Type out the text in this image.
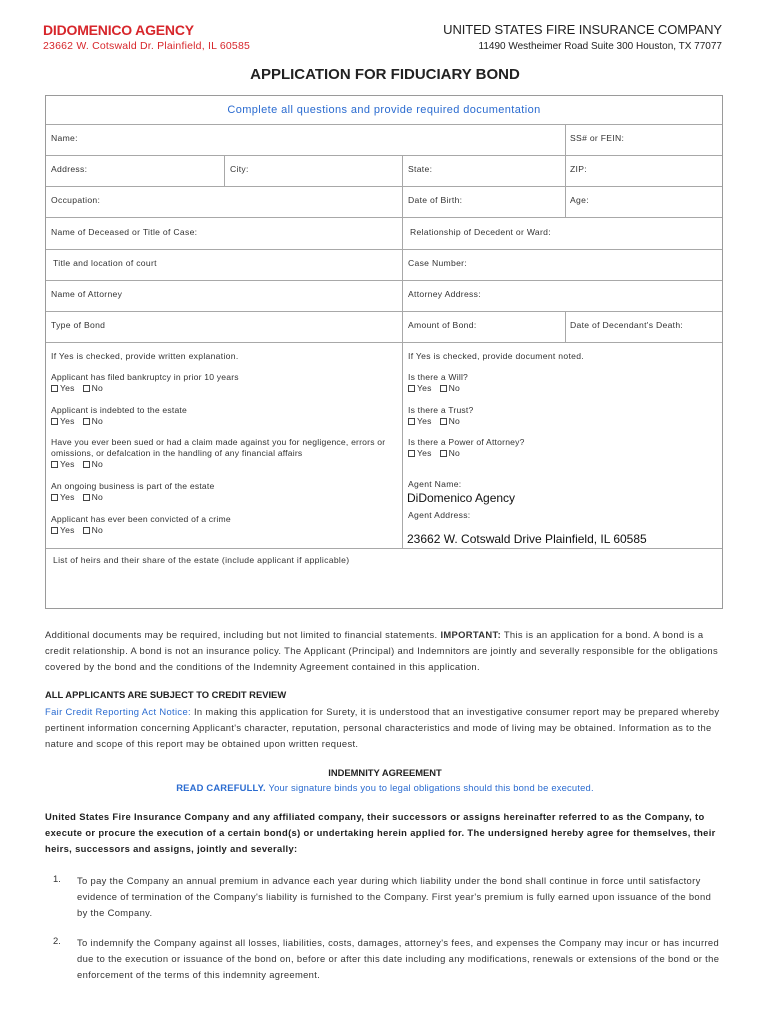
DIDOMENICO AGENCY
23662 W. Cotswald Dr. Plainfield, IL 60585
UNITED STATES FIRE INSURANCE COMPANY
11490 Westheimer Road Suite 300 Houston, TX 77077
APPLICATION FOR FIDUCIARY BOND
Complete all questions and provide required documentation
Name:	SS# or FEIN:
Address:	City:	State:	ZIP:
Occupation:	Date of Birth:	Age:
Name of Deceased or Title of Case:	Relationship of Decedent or Ward:
Title and location of court	Case Number:
Name of Attorney	Attorney Address:
Type of Bond	Amount of Bond:	Date of Decendant's Death:
If Yes is checked, provide written explanation.	If Yes is checked, provide document noted.
Applicant has filed bankruptcy in prior 10 years
Yes No
Applicant is indebted to the estate
Yes No
Have you ever been sued or had a claim made against you for negligence, errors or omissions, or defalcation in the handling of any financial affairs
Yes No
An ongoing business is part of the estate
Yes No
Applicant has ever been convicted of a crime
Yes No
Is there a Will?
Yes No
Is there a Trust?
Yes No
Is there a Power of Attorney?
Yes No
Agent Name:
DiDomenico Agency
Agent Address:
23662 W. Cotswald Drive Plainfield, IL 60585
List of heirs and their share of the estate (include applicant if applicable)
Additional documents may be required, including but not limited to financial statements. IMPORTANT: This is an application for a bond. A bond is a credit relationship. A bond is not an insurance policy. The Applicant (Principal) and Indemnitors are jointly and severally responsible for the obligations covered by the bond and the conditions of the Indemnity Agreement contained in this application.
ALL APPLICANTS ARE SUBJECT TO CREDIT REVIEW
Fair Credit Reporting Act Notice: In making this application for Surety, it is understood that an investigative consumer report may be prepared whereby pertinent information concerning Applicant's character, reputation, personal characteristics and mode of living may be obtained. Information as to the nature and scope of this report may be obtained upon written request.
INDEMNITY AGREEMENT
READ CAREFULLY. Your signature binds you to legal obligations should this bond be executed.
United States Fire Insurance Company and any affiliated company, their successors or assigns hereinafter referred to as the Company, to execute or procure the execution of a certain bond(s) or undertaking herein applied for. The undersigned hereby agree for themselves, their heirs, successors and assigns, jointly and severally:
1. To pay the Company an annual premium in advance each year during which liability under the bond shall continue in force until satisfactory evidence of termination of the Company's liability is furnished to the Company. First year's premium is fully earned upon issuance of the bond by the Company.
2. To indemnify the Company against all losses, liabilities, costs, damages, attorney's fees, and expenses the Company may incur or has incurred due to the execution or issuance of the bond on, before or after this date including any modifications, renewals or extensions of the bond or the enforcement of the terms of this indemnity agreement.
